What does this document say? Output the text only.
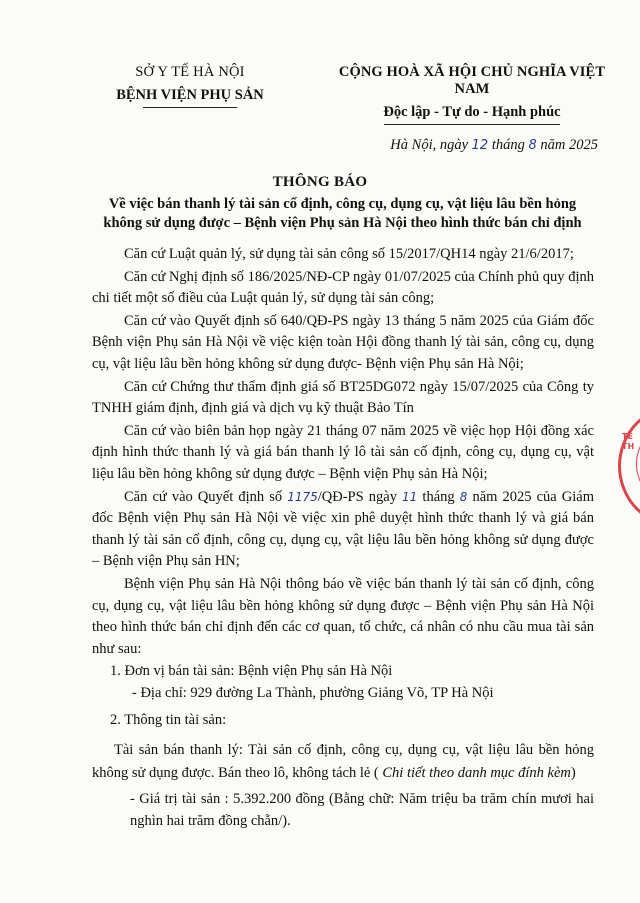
SỞ Y TẾ HÀ NỘI
BỆNH VIỆN PHỤ SẢN
CỘNG HOÀ XÃ HỘI CHỦ NGHĨA VIỆT NAM
Độc lập - Tự do - Hạnh phúc
Hà Nội, ngày 12 tháng 8 năm 2025
THÔNG BÁO
Về việc bán thanh lý tài sản cố định, công cụ, dụng cụ, vật liệu lâu bền hỏng không sử dụng được – Bệnh viện Phụ sản Hà Nội theo hình thức bán chỉ định

Căn cứ Luật quản lý, sử dụng tài sản công số 15/2017/QH14 ngày 21/6/2017;

Căn cứ Nghị định số 186/2025/NĐ-CP ngày 01/07/2025 của Chính phủ quy định chi tiết một số điều của Luật quản lý, sử dụng tài sản công;

Căn cứ vào Quyết định số 640/QĐ-PS ngày 13 tháng 5 năm 2025 của Giám đốc Bệnh viện Phụ sản Hà Nội về việc kiện toàn Hội đồng thanh lý tài sản, công cụ, dụng cụ, vật liệu lâu bền hỏng không sử dụng được- Bệnh viện Phụ sản Hà Nội;

Căn cứ Chứng thư thẩm định giá số BT25DG072 ngày 15/07/2025 của Công ty TNHH giám định, định giá và dịch vụ kỹ thuật Bảo Tín

Căn cứ vào biên bản họp ngày 21 tháng 07 năm 2025 về việc họp Hội đồng xác định hình thức thanh lý và giá bán thanh lý lô tài sản cố định, công cụ, dụng cụ, vật liệu lâu bền hỏng không sử dụng được – Bệnh viện Phụ sản Hà Nội;

Căn cứ vào Quyết định số 1175/QĐ-PS ngày 11 tháng 8 năm 2025 của Giám đốc Bệnh viện Phụ sản Hà Nội về việc xin phê duyệt hình thức thanh lý và giá bán thanh lý tài sản cố định, công cụ, dụng cụ, vật liệu lâu bền hỏng không sử dụng được – Bệnh viện Phụ sản HN;

Bệnh viện Phụ sản Hà Nội thông báo về việc bán thanh lý tài sản cố định, công cụ, dụng cụ, vật liệu lâu bền hỏng không sử dụng được – Bệnh viện Phụ sản Hà Nội theo hình thức bán chỉ định đến các cơ quan, tổ chức, cá nhân có nhu cầu mua tài sản như sau:

1. Đơn vị bán tài sản: Bệnh viện Phụ sản Hà Nội

- Địa chỉ: 929 đường La Thành, phường Giảng Võ, TP Hà Nội

2. Thông tin tài sản:

Tài sản bán thanh lý: Tài sản cố định, công cụ, dụng cụ, vật liệu lâu bền hỏng không sử dụng được. Bán theo lô, không tách lẻ ( Chi tiết theo danh mục đính kèm)

- Giá trị tài sản : 5.392.200 đồng (Bằng chữ: Năm triệu ba trăm chín mươi hai nghìn hai trăm đồng chẵn/).

TẾ TH
